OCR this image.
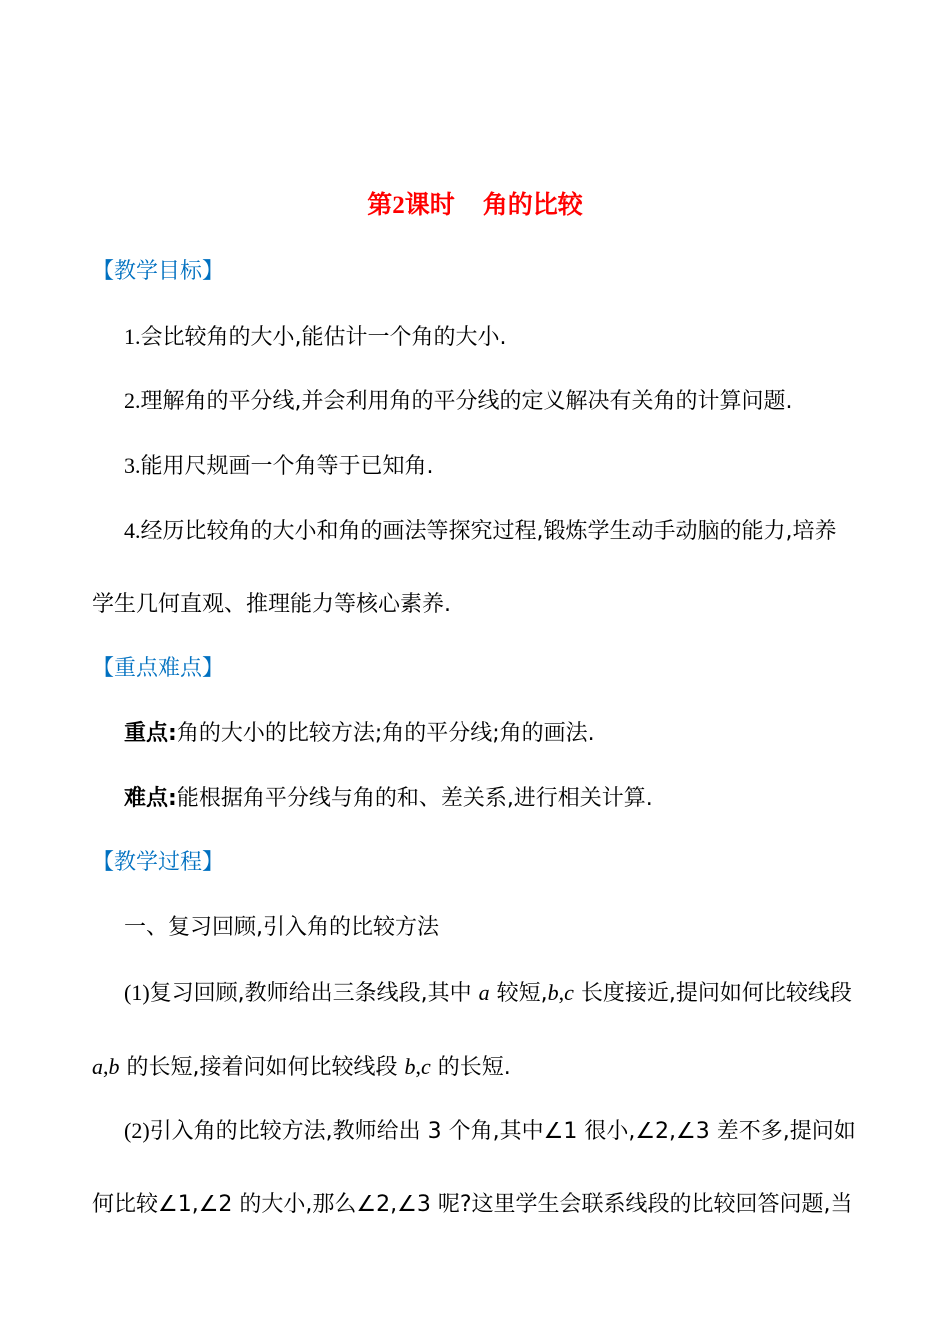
第2课时 角的比较
【教学目标】
1.会比较角的大小,能估计一个角的大小.
2.理解角的平分线,并会利用角的平分线的定义解决有关角的计算问题.
3.能用尺规画一个角等于已知角.
4.经历比较角的大小和角的画法等探究过程,锻炼学生动手动脑的能力,培养
学生几何直观、推理能力等核心素养.
【重点难点】
重点:角的大小的比较方法;角的平分线;角的画法.
难点:能根据角平分线与角的和、差关系,进行相关计算.
【教学过程】
一、复习回顾,引入角的比较方法
(1)复习回顾,教师给出三条线段,其中 a 较短,b,c 长度接近,提问如何比较线段
a,b 的长短,接着问如何比较线段 b,c 的长短.
(2)引入角的比较方法,教师给出 3 个角,其中∠1 很小,∠2,∠3 差不多,提问如
何比较∠1,∠2 的大小,那么∠2,∠3 呢?这里学生会联系线段的比较回答问题,当
